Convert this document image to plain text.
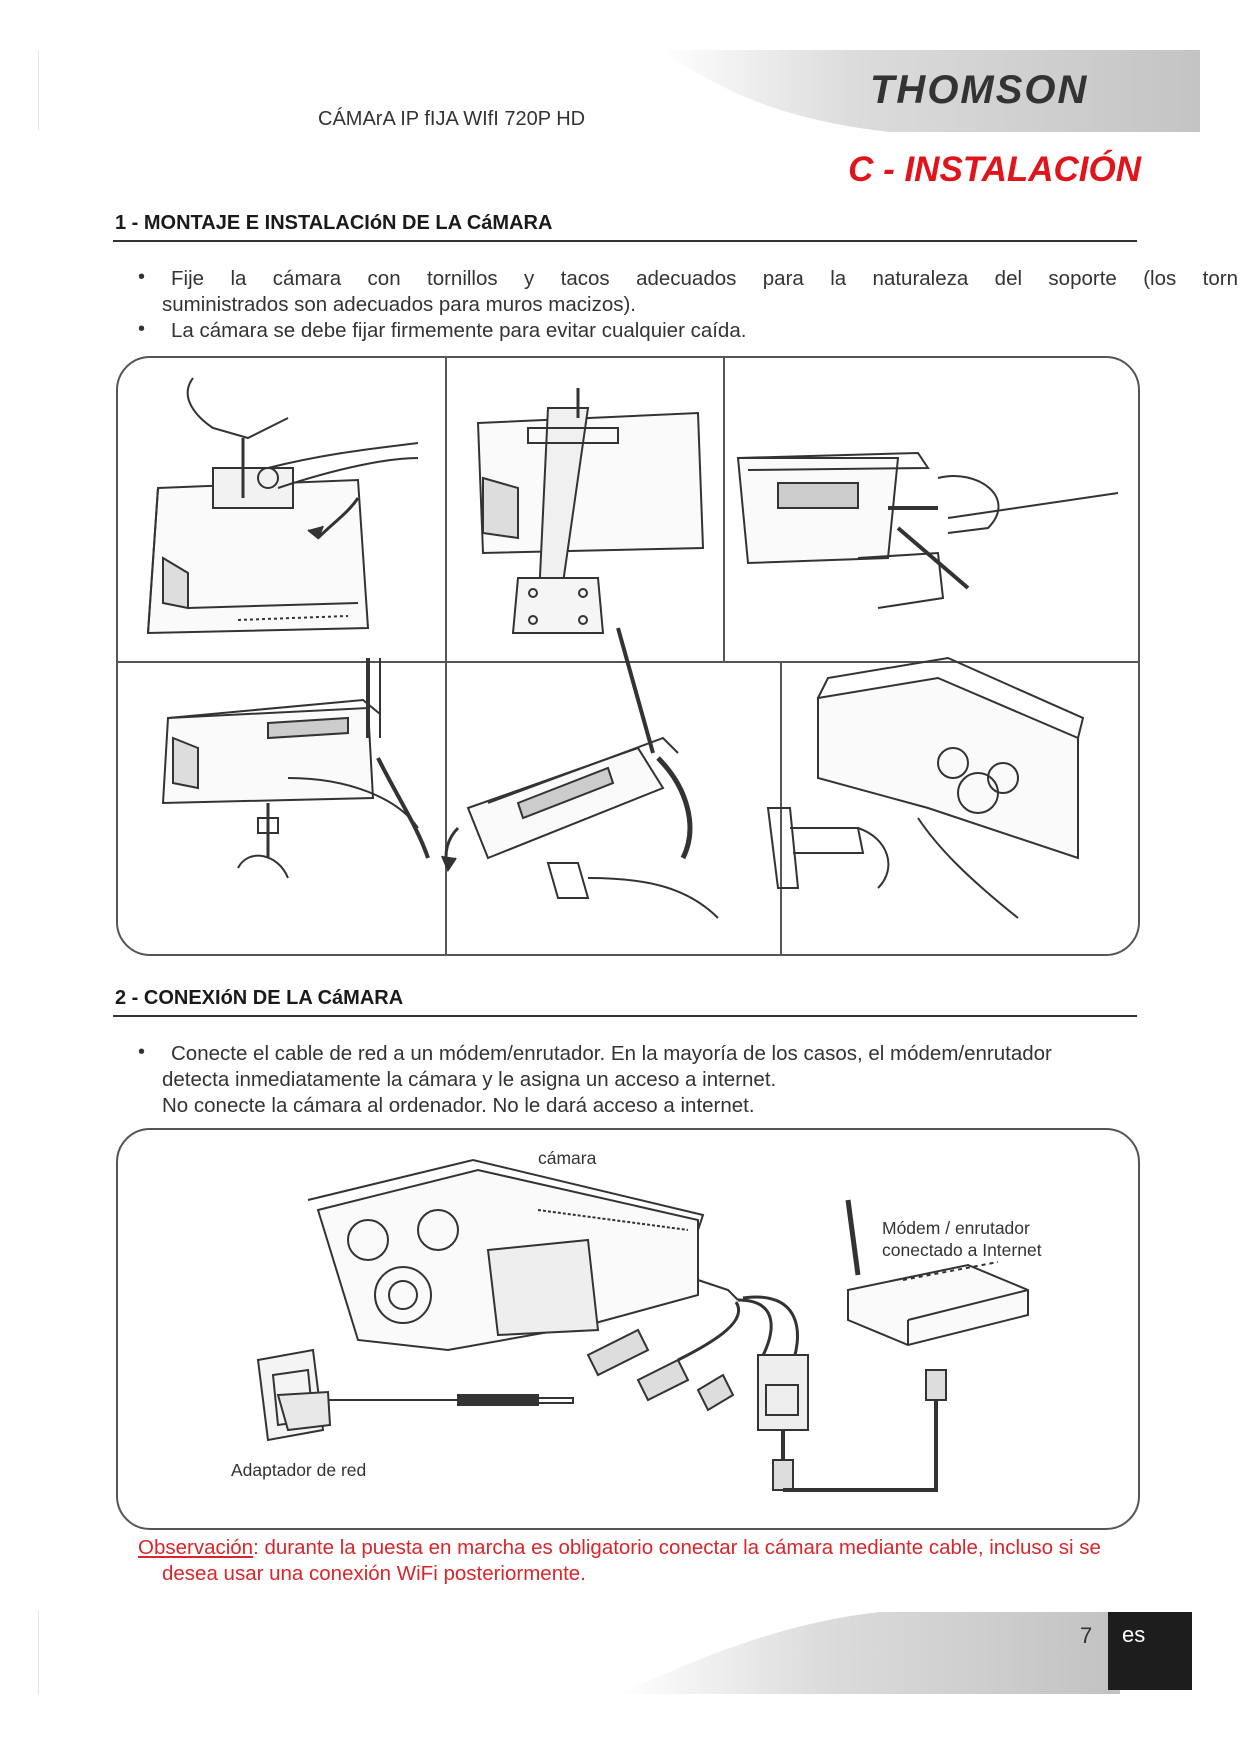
THOMSON
CÁMArA IP fIJA WIfI 720P HD
C - INSTALACIÓN
1 - MONTAJE E INSTALACIóN DE LA CáMARA
• Fije la cámara con tornillos y tacos adecuados para la naturaleza del soporte (los torn
suministrados son adecuados para muros macizos).
• La cámara se debe fijar firmemente para evitar cualquier caída.
2 - CONEXIóN DE LA CáMARA
• Conecte el cable de red a un módem/enrutador. En la mayoría de los casos, el módem/enrutador
detecta inmediatamente la cámara y le asigna un acceso a internet.
No conecte la cámara al ordenador. No le dará acceso a internet.
cámara
Módem / enrutador
conectado a Internet
Adaptador de red
Observación: durante la puesta en marcha es obligatorio conectar la cámara mediante cable, incluso si se
desea usar una conexión WiFi posteriormente.
7 es
